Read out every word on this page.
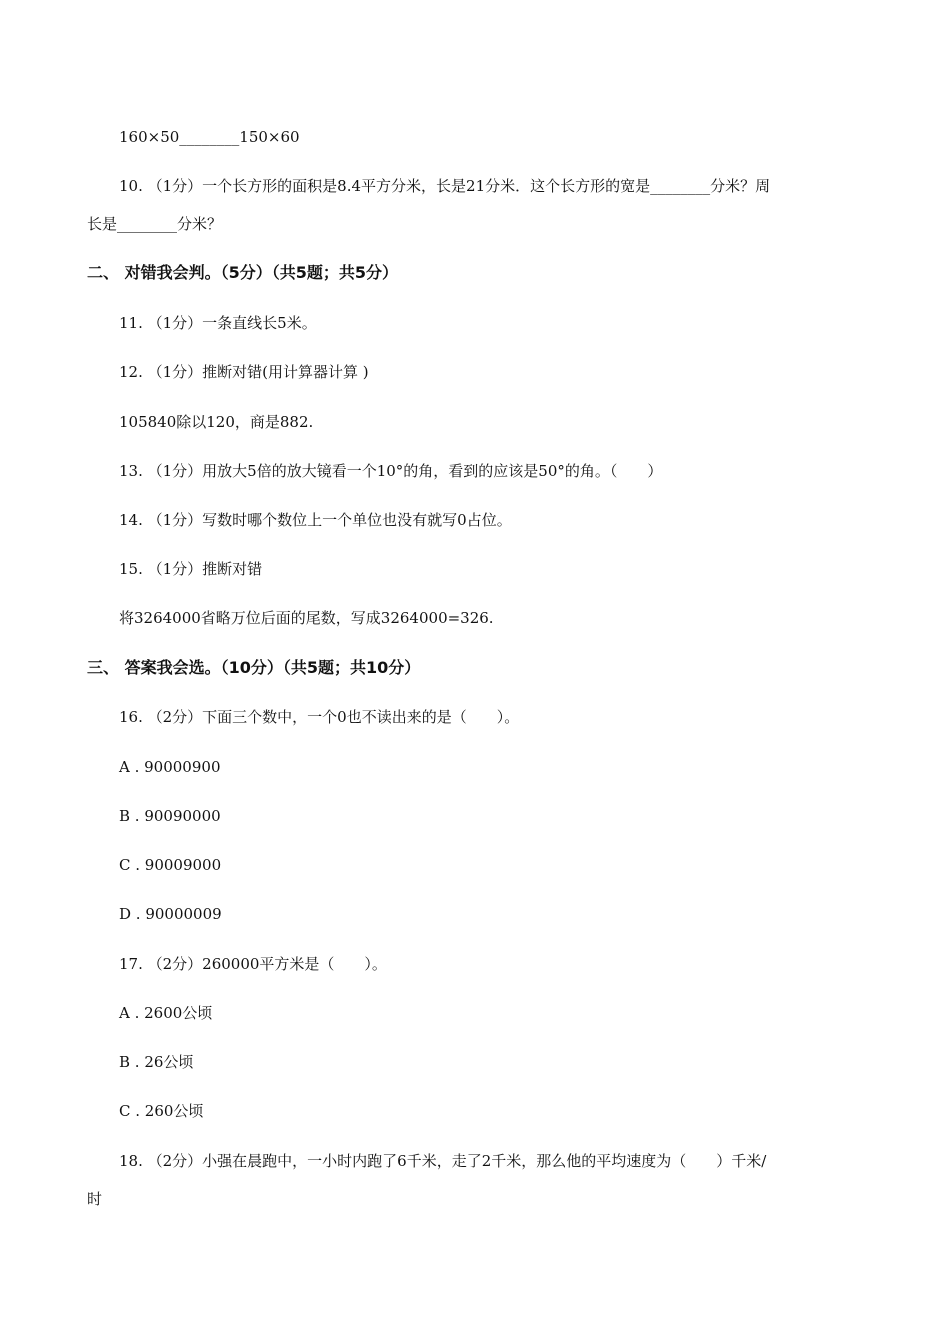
160×50________150×60
10. （1分）一个长方形的面积是8.4平方分米，长是21分米．这个长方形的宽是________分米？周
长是________分米？
二、 对错我会判。（5分）（共5题；共5分）
11. （1分）一条直线长5米。
12. （1分）推断对错(用计算器计算 )
105840除以120，商是882.
13. （1分）用放大5倍的放大镜看一个10°的角，看到的应该是50°的角。（　　）
14. （1分）写数时哪个数位上一个单位也没有就写0占位。
15. （1分）推断对错
将3264000省略万位后面的尾数，写成3264000=326.
三、 答案我会选。（10分）（共5题；共10分）
16. （2分）下面三个数中，一个0也不读出来的是（　　）。
A . 90000900
B . 90090000
C . 90009000
D . 90000009
17. （2分）260000平方米是（　　）。
A . 2600公顷
B . 26公顷
C . 260公顷
18. （2分）小强在晨跑中，一小时内跑了6千米，走了2千米，那么他的平均速度为（　　）千米/
时
